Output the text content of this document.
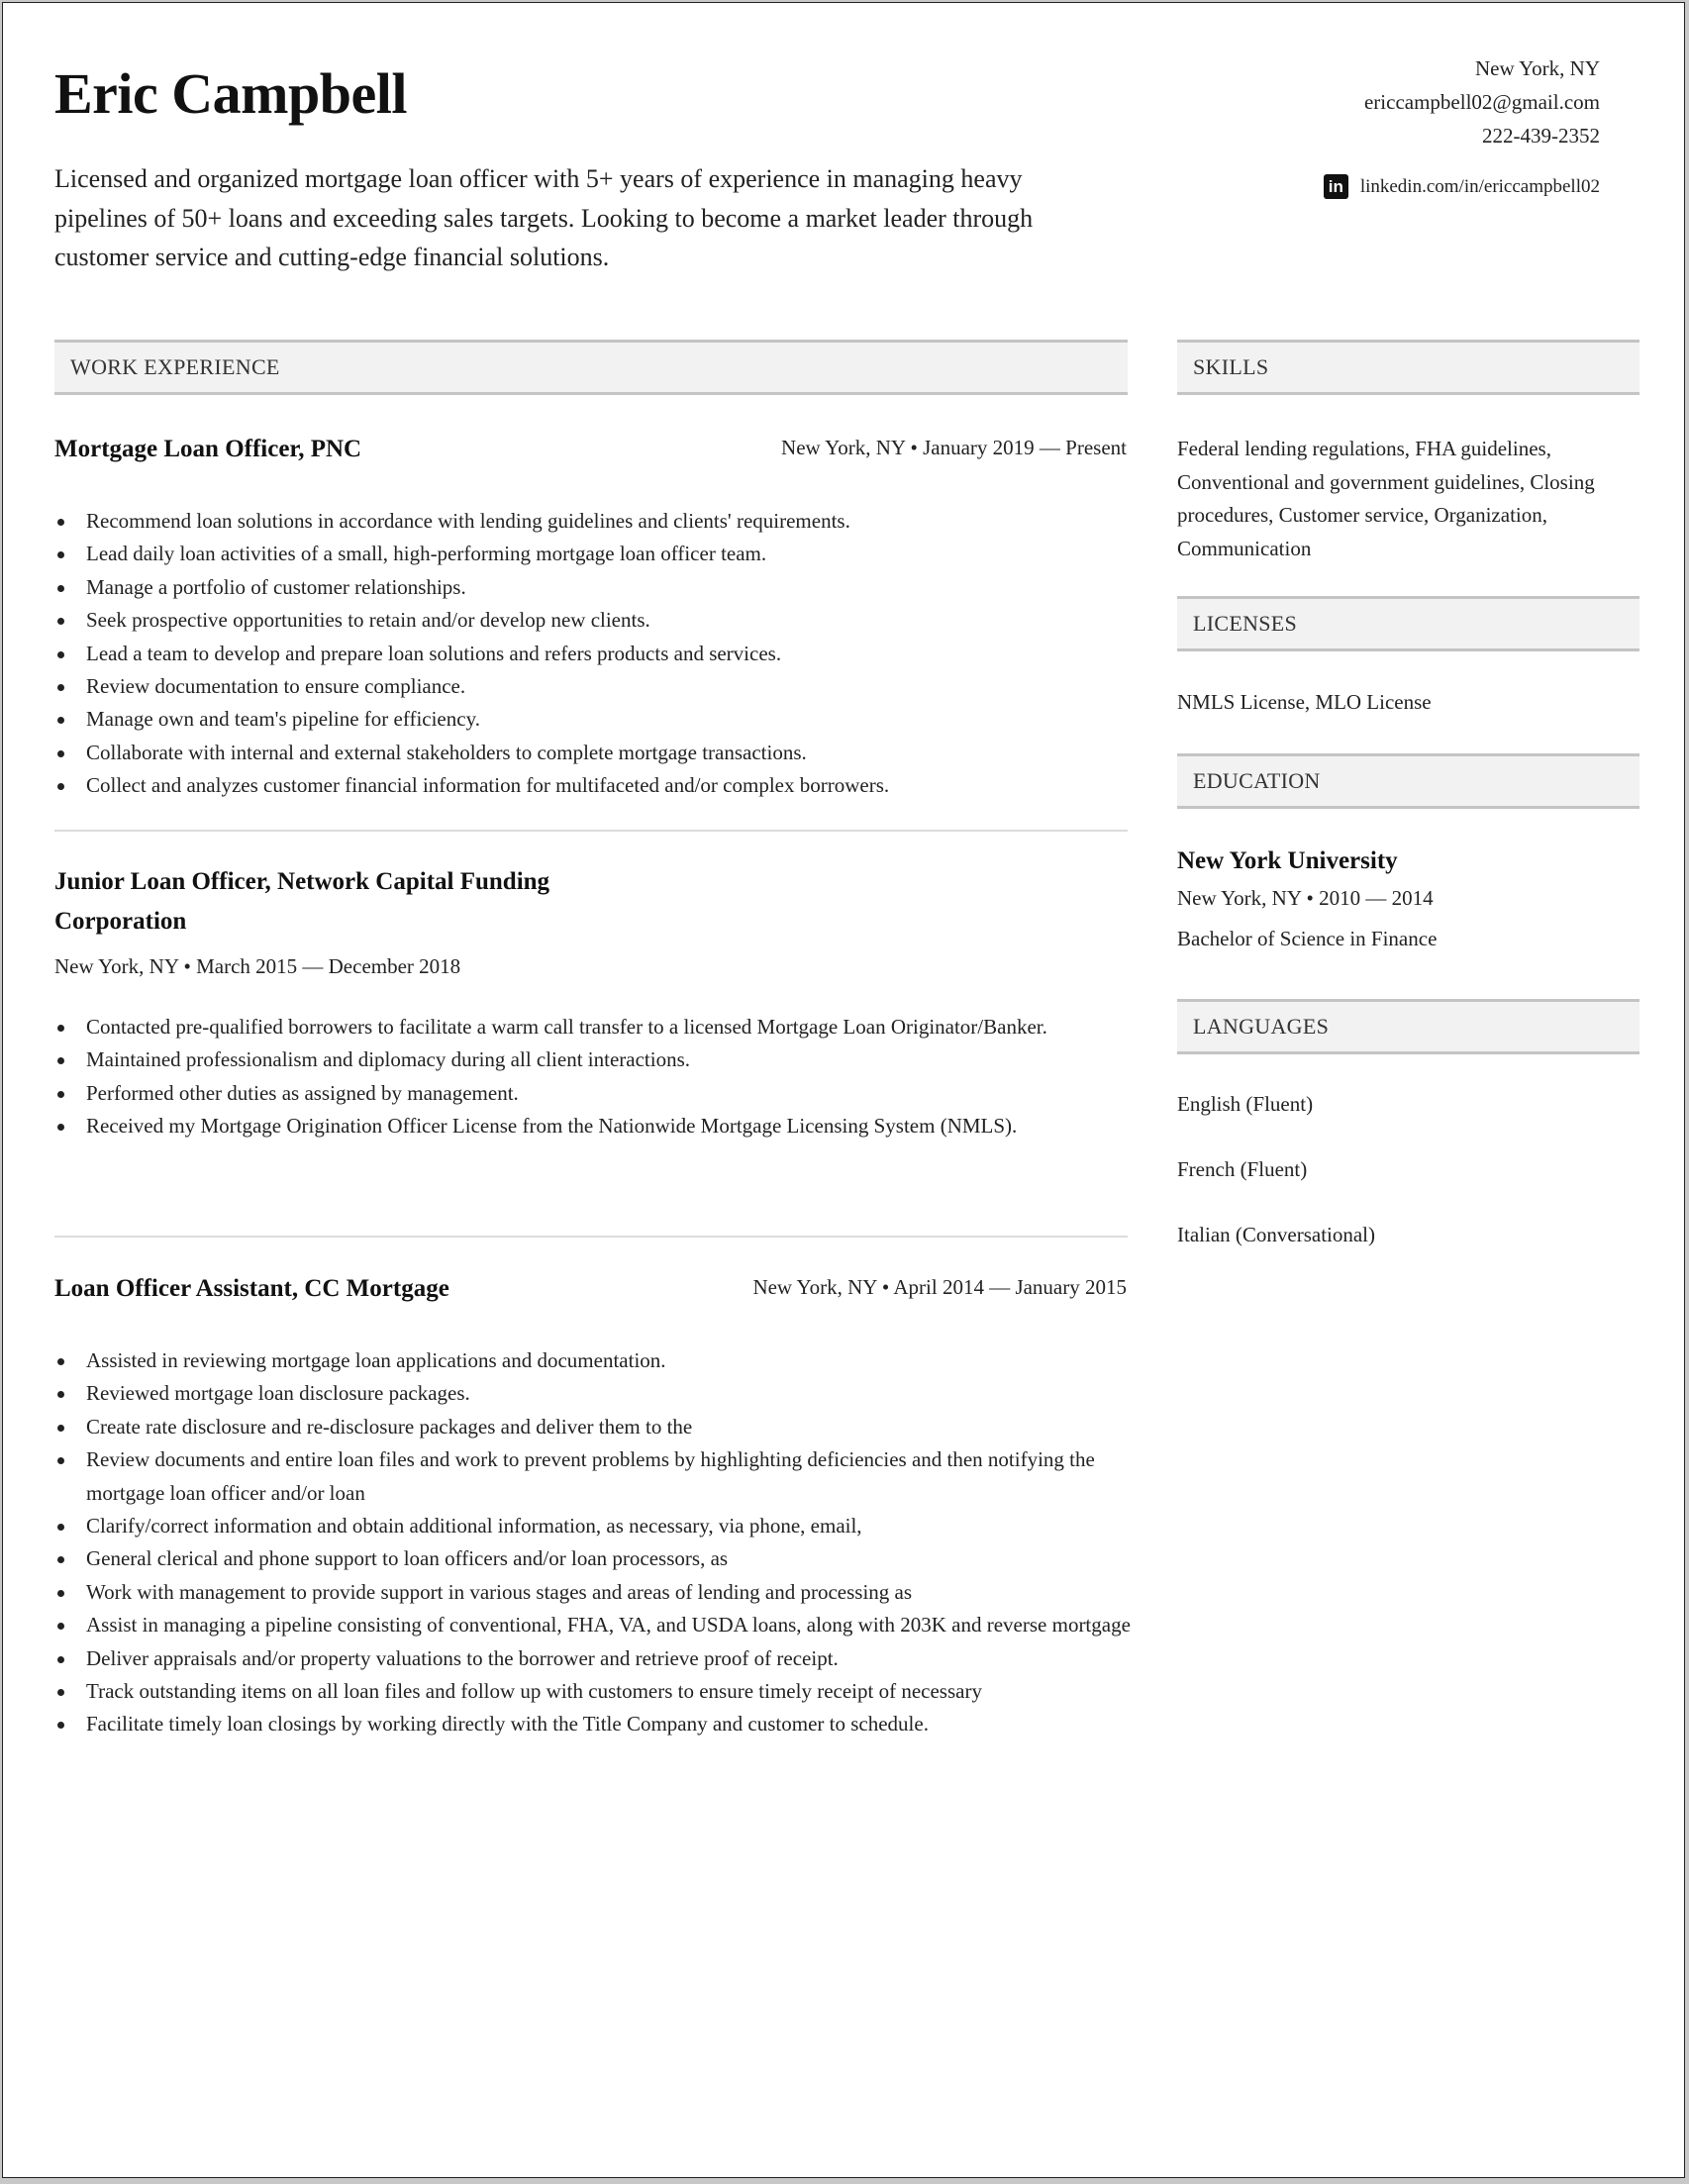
Eric Campbell
Licensed and organized mortgage loan officer with 5+ years of experience in managing heavy pipelines of 50+ loans and exceeding sales targets. Looking to become a market leader through customer service and cutting-edge financial solutions.
New York, NY
ericcampbell02@gmail.com
222-439-2352
in linkedin.com/in/ericcampbell02
WORK EXPERIENCE
Mortgage Loan Officer, PNC	New York, NY • January 2019 — Present
Recommend loan solutions in accordance with lending guidelines and clients' requirements.
Lead daily loan activities of a small, high-performing mortgage loan officer team.
Manage a portfolio of customer relationships.
Seek prospective opportunities to retain and/or develop new clients.
Lead a team to develop and prepare loan solutions and refers products and services.
Review documentation to ensure compliance.
Manage own and team's pipeline for efficiency.
Collaborate with internal and external stakeholders to complete mortgage transactions.
Collect and analyzes customer financial information for multifaceted and/or complex borrowers.
Junior Loan Officer, Network Capital Funding
Corporation
New York, NY • March 2015 — December 2018
Contacted pre-qualified borrowers to facilitate a warm call transfer to a licensed Mortgage Loan Originator/Banker.
Maintained professionalism and diplomacy during all client interactions.
Performed other duties as assigned by management.
Received my Mortgage Origination Officer License from the Nationwide Mortgage Licensing System (NMLS).
Loan Officer Assistant, CC Mortgage	New York, NY • April 2014 — January 2015
Assisted in reviewing mortgage loan applications and documentation.
Reviewed mortgage loan disclosure packages.
Create rate disclosure and re-disclosure packages and deliver them to the
Review documents and entire loan files and work to prevent problems by highlighting deficiencies and then notifying the mortgage loan officer and/or loan
Clarify/correct information and obtain additional information, as necessary, via phone, email,
General clerical and phone support to loan officers and/or loan processors, as
Work with management to provide support in various stages and areas of lending and processing as
Assist in managing a pipeline consisting of conventional, FHA, VA, and USDA loans, along with 203K and reverse mortgage
Deliver appraisals and/or property valuations to the borrower and retrieve proof of receipt.
Track outstanding items on all loan files and follow up with customers to ensure timely receipt of necessary
Facilitate timely loan closings by working directly with the Title Company and customer to schedule.
SKILLS
Federal lending regulations, FHA guidelines, Conventional and government guidelines, Closing procedures, Customer service, Organization, Communication
LICENSES
NMLS License, MLO License
EDUCATION
New York University
New York, NY • 2010 — 2014
Bachelor of Science in Finance
LANGUAGES
English (Fluent)
French (Fluent)
Italian (Conversational)
